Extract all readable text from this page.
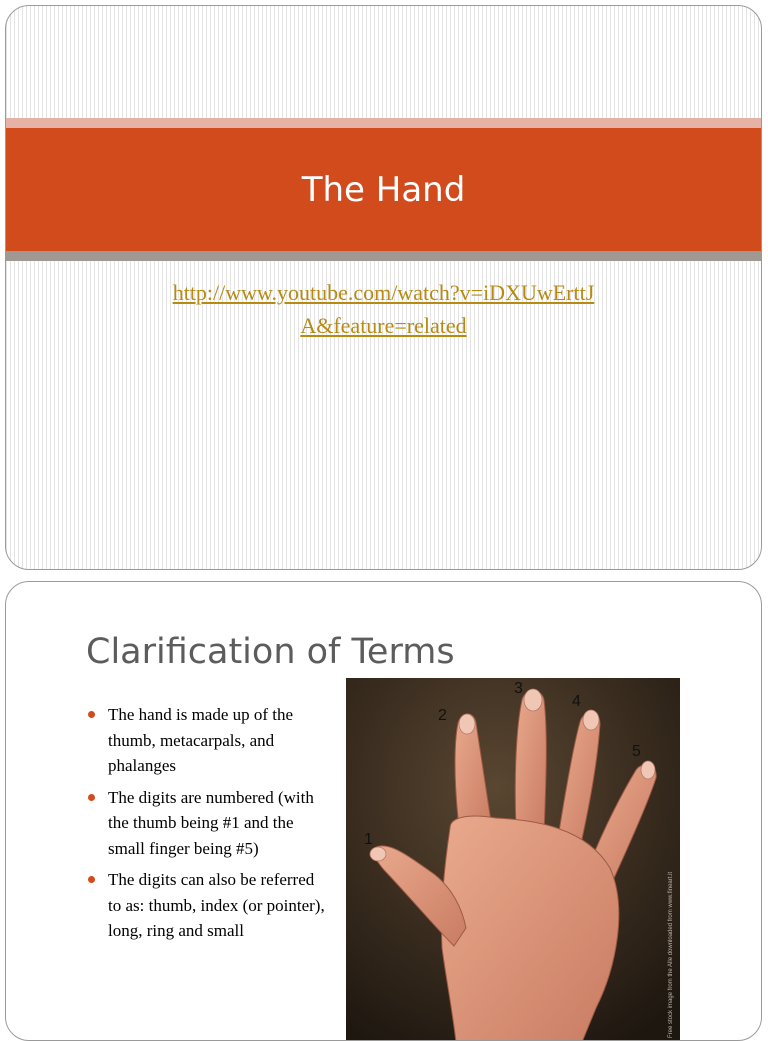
The Hand
http://www.youtube.com/watch?v=iDXUwErttJ
A&feature=related
Clarification of Terms
The hand is made up of the thumb, metacarpals, and phalanges
The digits are numbered (with the thumb being #1 and the small finger being #5)
The digits can also be referred to as: thumb, index (or pointer), long, ring and small
1
2
3
4
5
Free stock image from the Alle downloaded from www.fineart.it
